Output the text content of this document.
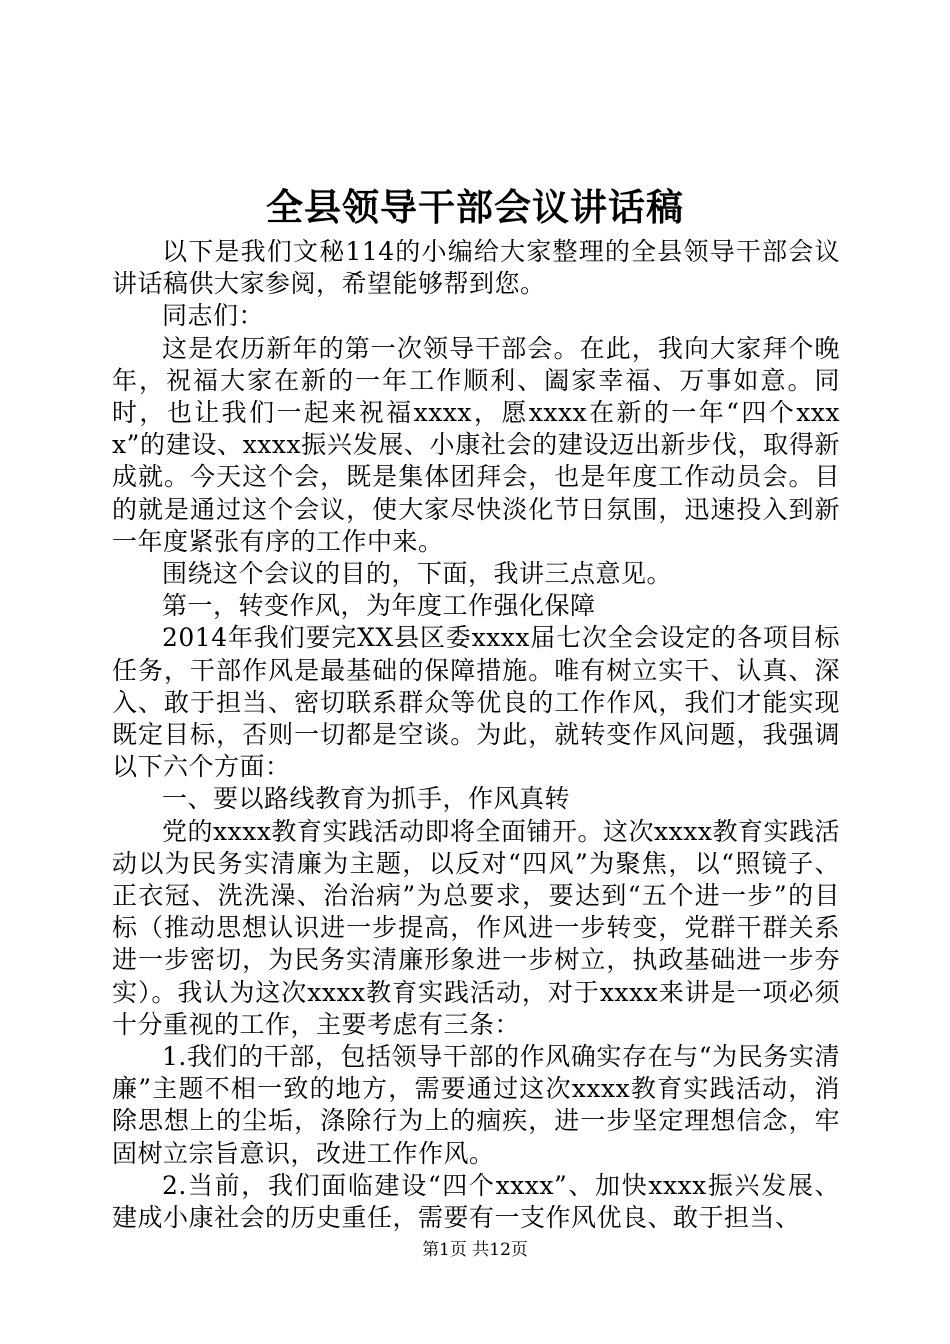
全县领导干部会议讲话稿

以下是我们文秘114的小编给大家整理的全县领导干部会议讲话稿供大家参阅，希望能够帮到您。

同志们：

这是农历新年的第一次领导干部会。在此，我向大家拜个晚年，祝福大家在新的一年工作顺利、阖家幸福、万事如意。同时，也让我们一起来祝福xxxx，愿xxxx在新的一年“四个xxxx”的建设、xxxx振兴发展、小康社会的建设迈出新步伐，取得新成就。今天这个会，既是集体团拜会，也是年度工作动员会。目的就是通过这个会议，使大家尽快淡化节日氛围，迅速投入到新一年度紧张有序的工作中来。

围绕这个会议的目的，下面，我讲三点意见。

第一，转变作风，为年度工作强化保障

2014年我们要完XX县区委xxxx届七次全会设定的各项目标任务，干部作风是最基础的保障措施。唯有树立实干、认真、深入、敢于担当、密切联系群众等优良的工作作风，我们才能实现既定目标，否则一切都是空谈。为此，就转变作风问题，我强调以下六个方面：

一、要以路线教育为抓手，作风真转

党的xxxx教育实践活动即将全面铺开。这次xxxx教育实践活动以为民务实清廉为主题，以反对“四风”为聚焦，以“照镜子、正衣冠、洗洗澡、治治病”为总要求，要达到“五个进一步”的目标（推动思想认识进一步提高，作风进一步转变，党群干群关系进一步密切，为民务实清廉形象进一步树立，执政基础进一步夯实）。我认为这次xxxx教育实践活动，对于xxxx来讲是一项必须十分重视的工作，主要考虑有三条：

1.我们的干部，包括领导干部的作风确实存在与“为民务实清廉”主题不相一致的地方，需要通过这次xxxx教育实践活动，消除思想上的尘垢，涤除行为上的痼疾，进一步坚定理想信念，牢固树立宗旨意识，改进工作作风。

2.当前，我们面临建设“四个xxxx”、加快xxxx振兴发展、建成小康社会的历史重任，需要有一支作风优良、敢于担当、

第1页 共12页
